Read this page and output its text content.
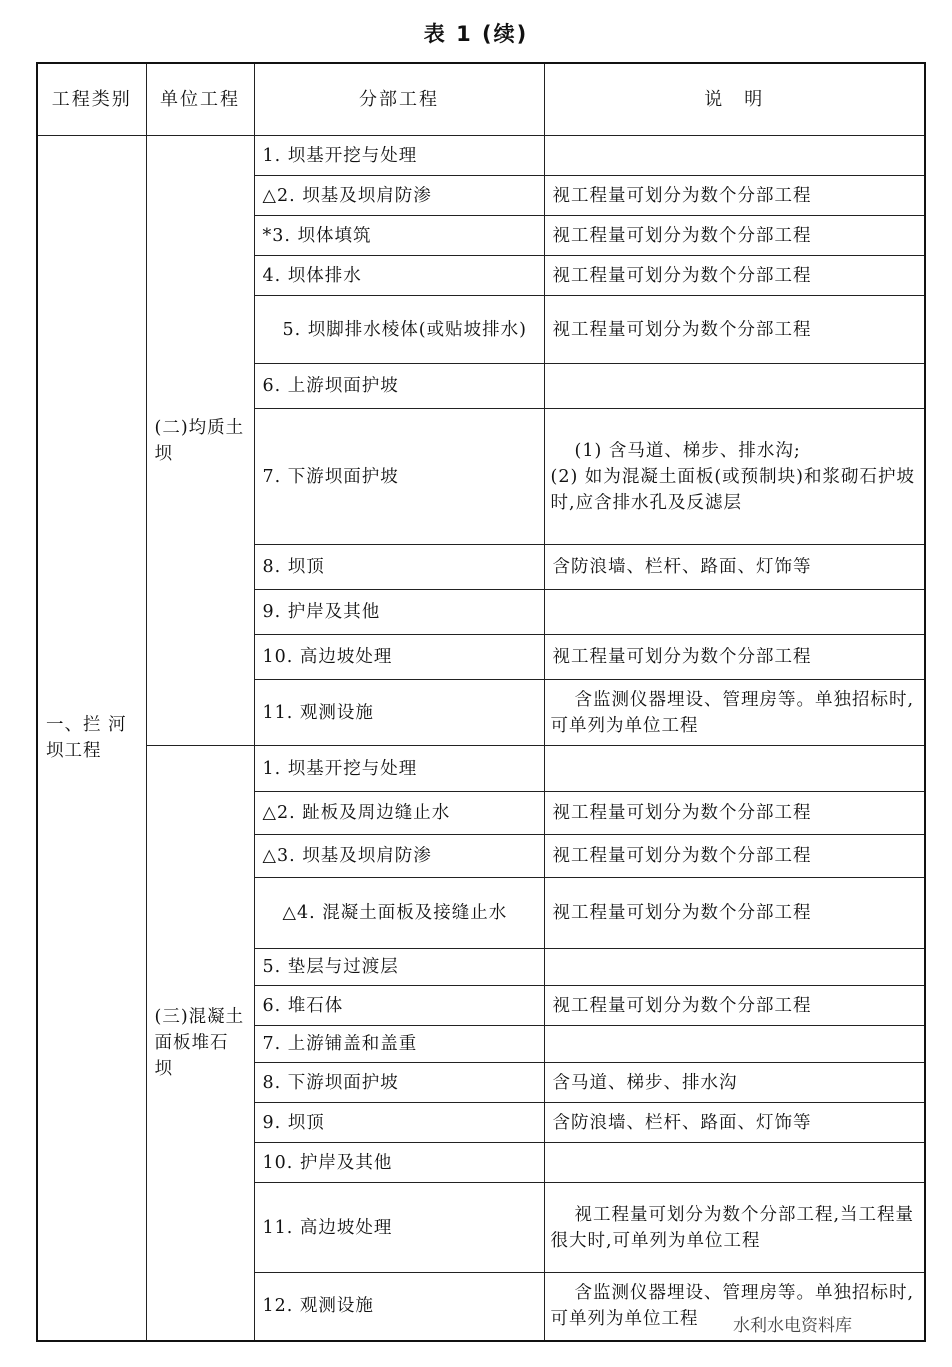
表 1 (续)
工程类别	单位工程	分部工程	说　明
一、拦 河 坝工程	(二)均质土坝	1. 坝基开挖与处理	
		△2. 坝基及坝肩防渗	视工程量可划分为数个分部工程
		*3. 坝体填筑	视工程量可划分为数个分部工程
		4. 坝体排水	视工程量可划分为数个分部工程
		5. 坝脚排水棱体(或贴坡排水)	视工程量可划分为数个分部工程
		6. 上游坝面护坡	
		7. 下游坝面护坡	(1) 含马道、梯步、排水沟;
(2) 如为混凝土面板(或预制块)和浆砌石护坡时,应含排水孔及反滤层
		8. 坝顶	含防浪墙、栏杆、路面、灯饰等
		9. 护岸及其他	
		10. 高边坡处理	视工程量可划分为数个分部工程
		11. 观测设施	含监测仪器埋设、管理房等。单独招标时,可单列为单位工程
	(三)混凝土面板堆石坝	1. 坝基开挖与处理	
		△2. 趾板及周边缝止水	视工程量可划分为数个分部工程
		△3. 坝基及坝肩防渗	视工程量可划分为数个分部工程
		△4. 混凝土面板及接缝止水	视工程量可划分为数个分部工程
		5. 垫层与过渡层	
		6. 堆石体	视工程量可划分为数个分部工程
		7. 上游铺盖和盖重	
		8. 下游坝面护坡	含马道、梯步、排水沟
		9. 坝顶	含防浪墙、栏杆、路面、灯饰等
		10. 护岸及其他	
		11. 高边坡处理	视工程量可划分为数个分部工程,当工程量很大时,可单列为单位工程
		12. 观测设施	含监测仪器埋设、管理房等。单独招标时,可单列为单位工程 水利水电资料库
